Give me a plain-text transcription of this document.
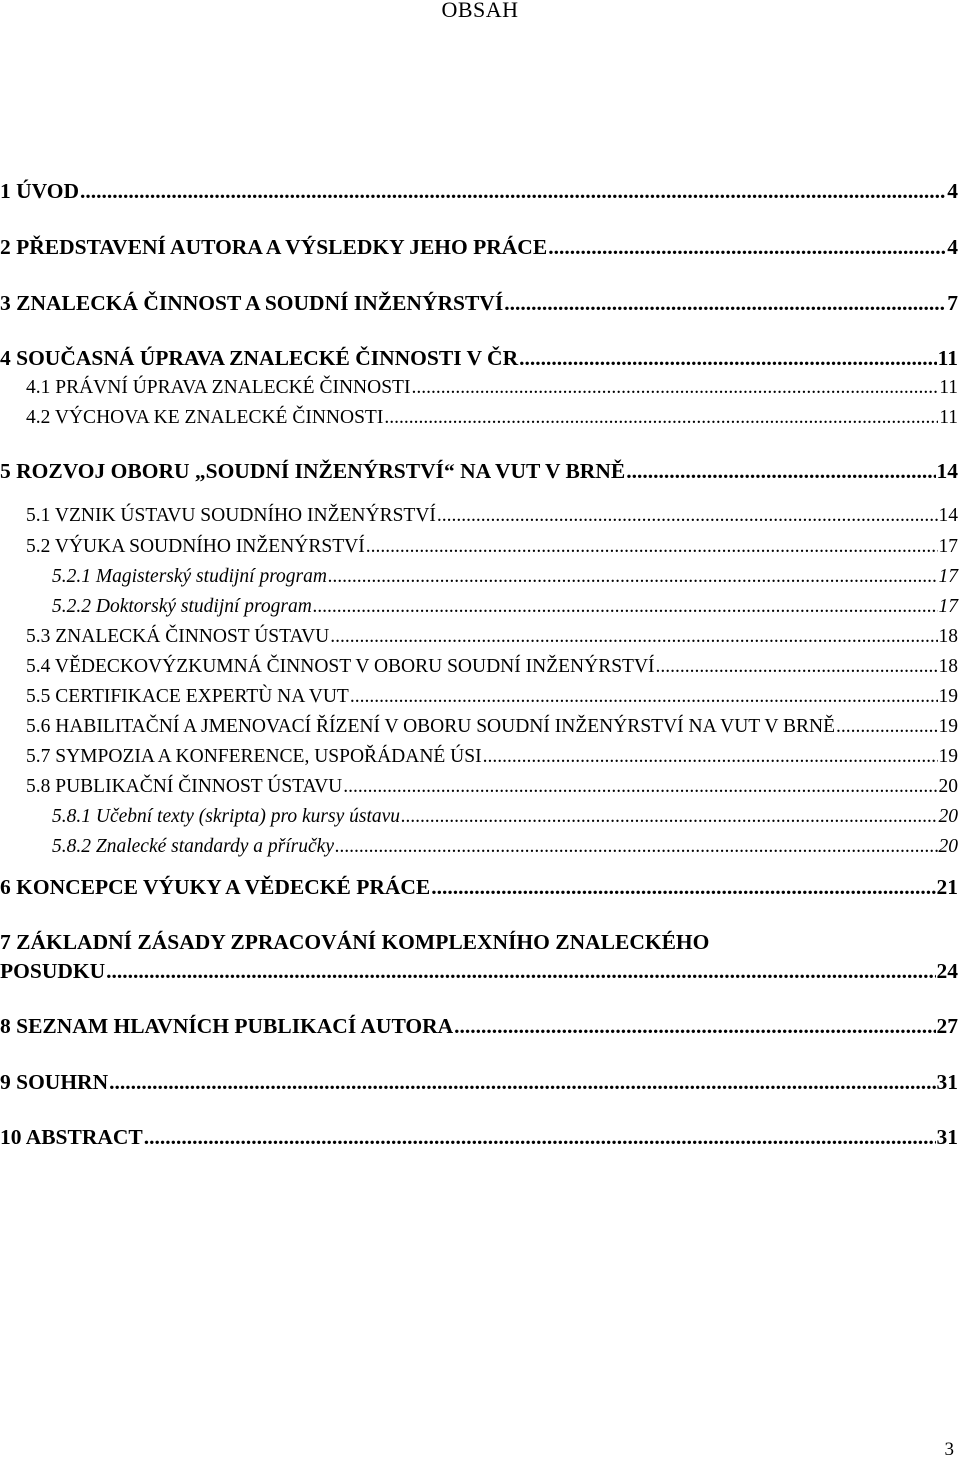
OBSAH
1 ÚVOD .....	4
2 PŘEDSTAVENÍ AUTORA A VÝSLEDKY JEHO PRÁCE .....	4
3 ZNALECKÁ ČINNOST A SOUDNÍ INŽENÝRSTVÍ .....	7
4 SOUČASNÁ ÚPRAVA ZNALECKÉ ČINNOSTI V ČR .....	11
4.1 PRÁVNÍ ÚPRAVA ZNALECKÉ ČINNOSTI .....	11
4.2 VÝCHOVA KE ZNALECKÉ ČINNOSTI .....	11
5 ROZVOJ OBORU „SOUDNÍ INŽENÝRSTVÍ“ NA VUT V BRNĚ .....	14
5.1 VZNIK ÚSTAVU SOUDNÍHO INŽENÝRSTVÍ .....	14
5.2 VÝUKA SOUDNÍHO INŽENÝRSTVÍ .....	17
5.2.1 Magisterský studijní program .....	17
5.2.2 Doktorský studijní program .....	17
5.3 ZNALECKÁ ČINNOST ÚSTAVU .....	18
5.4 VĚDECKOVÝZKUMNÁ ČINNOST V OBORU SOUDNÍ INŽENÝRSTVÍ .....	18
5.5 CERTIFIKACE EXPERTÙ NA VUT .....	19
5.6 HABILITAČNÍ A JMENOVACÍ ŘÍZENÍ V OBORU SOUDNÍ INŽENÝRSTVÍ NA VUT V BRNĚ .....	19
5.7 SYMPOZIA A KONFERENCE, USPOŘÁDANÉ ÚSI .....	19
5.8 PUBLIKAČNÍ ČINNOST ÚSTAVU .....	20
5.8.1 Učební texty (skripta) pro kursy ústavu .....	20
5.8.2 Znalecké standardy a příručky .....	20
6 KONCEPCE VÝUKY A VĚDECKÉ PRÁCE .....	21
7 ZÁKLADNÍ ZÁSADY ZPRACOVÁNÍ KOMPLEXNÍHO ZNALECKÉHO
POSUDKU .....	24
8 SEZNAM HLAVNÍCH PUBLIKACÍ AUTORA .....	27
9 SOUHRN .....	31
10 ABSTRACT .....	31
3
